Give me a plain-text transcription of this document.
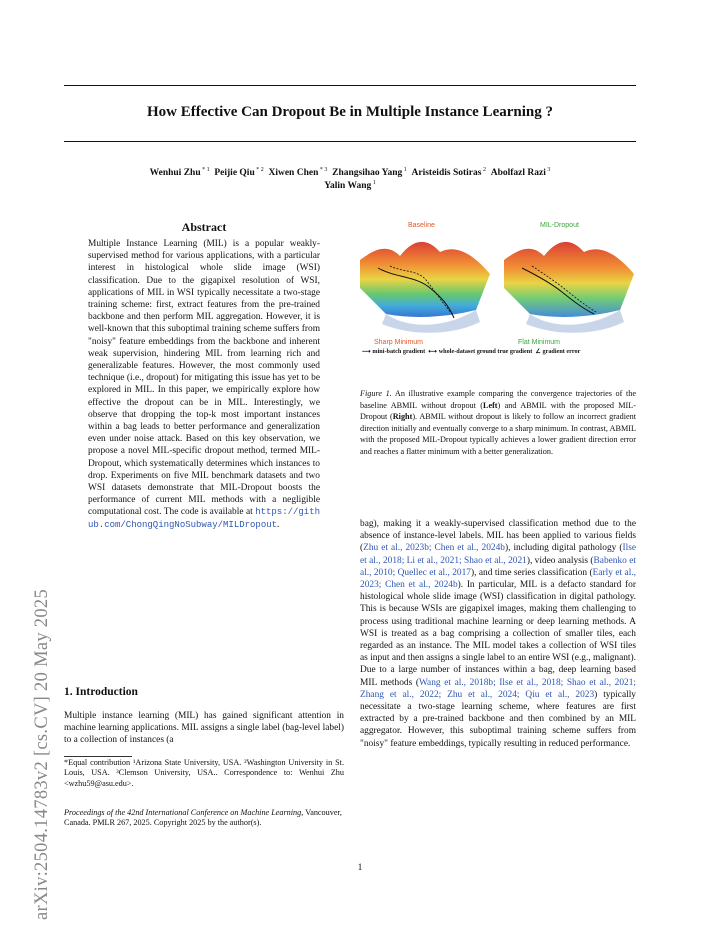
arXiv:2504.14783v2 [cs.CV] 20 May 2025
How Effective Can Dropout Be in Multiple Instance Learning ?
Wenhui Zhu $^{* 1}$  Peijie Qiu $^{* 2}$  Xiwen Chen $^{* 3}$  Zhangsihao Yang $^1$  Aristeidis Sotiras $^2$  Abolfazl Razi $^3$
Yalin Wang $^1$
Abstract

Multiple Instance Learning (MIL) is a popular weakly-supervised method for various applications, with a particular interest in histological whole slide image (WSI) classification. Due to the gigapixel resolution of WSI, applications of MIL in WSI typically necessitate a two-stage training scheme: first, extract features from the pre-trained backbone and then perform MIL aggregation. However, it is well-known that this suboptimal training scheme suffers from "noisy" feature embeddings from the backbone and inherent weak supervision, hindering MIL from learning rich and generalizable features. However, the most commonly used technique (i.e., dropout) for mitigating this issue has yet to be explored in MIL. In this paper, we empirically explore how effective the dropout can be in MIL. Interestingly, we observe that dropping the top-k most important instances within a bag leads to better performance and generalization even under noise attack. Based on this key observation, we propose a novel MIL-specific dropout method, termed MIL-Dropout, which systematically determines which instances to drop. Experiments on five MIL benchmark datasets and two WSI datasets demonstrate that MIL-Dropout boosts the performance of current MIL methods with a negligible computational cost. The code is available at https://github.com/ChongQingNoSubway/MILDropout.

1. Introduction

Multiple instance learning (MIL) has gained significant attention in machine learning applications. MIL assigns a single label (bag-level label) to a collection of instances (a

*Equal contribution ¹Arizona State University, USA. ²Washington University in St. Louis, USA. ³Clemson University, USA.. Correspondence to: Wenhui Zhu <wzhu59@asu.edu>.
Proceedings of the 42nd International Conference on Machine Learning, Vancouver, Canada. PMLR 267, 2025. Copyright 2025 by the author(s).
Baseline	MIL-Dropout
Sharp Minimum	Flat Minimum
⟶ mini-batch gradient ⟷ whole-dataset ground true gradient ∠ gradient error
Figure 1. An illustrative example comparing the convergence trajectories of the baseline ABMIL without dropout (Left) and ABMIL with the proposed MIL-Dropout (Right). ABMIL without dropout is likely to follow an incorrect gradient direction initially and eventually converge to a sharp minimum. In contrast, ABMIL with the proposed MIL-Dropout typically achieves a lower gradient direction error and reaches a flatter minimum with a better generalization.

bag), making it a weakly-supervised classification method due to the absence of instance-level labels. MIL has been applied to various fields (Zhu et al., 2023b; Chen et al., 2024b), including digital pathology (Ilse et al., 2018; Li et al., 2021; Shao et al., 2021), video analysis (Babenko et al., 2010; Quellec et al., 2017), and time series classification (Early et al., 2023; Chen et al., 2024b). In particular, MIL is a defacto standard for histological whole slide image (WSI) classification in digital pathology. This is because WSIs are gigapixel images, making them challenging to process using traditional machine learning or deep learning methods. A WSI is treated as a bag comprising a collection of smaller tiles, each regarded as an instance. The MIL model takes a collection of WSI tiles as input and then assigns a single label to an entire WSI (e.g., malignant). Due to a large number of instances within a bag, deep learning based MIL methods (Wang et al., 2018b; Ilse et al., 2018; Shao et al., 2021; Zhang et al., 2022; Zhu et al., 2024; Qiu et al., 2023) typically necessitate a two-stage learning scheme, where features are first extracted by a pre-trained backbone and then combined by an MIL aggregator. However, this suboptimal training scheme suffers from "noisy" feature embeddings, typically resulting in reduced performance.

1
